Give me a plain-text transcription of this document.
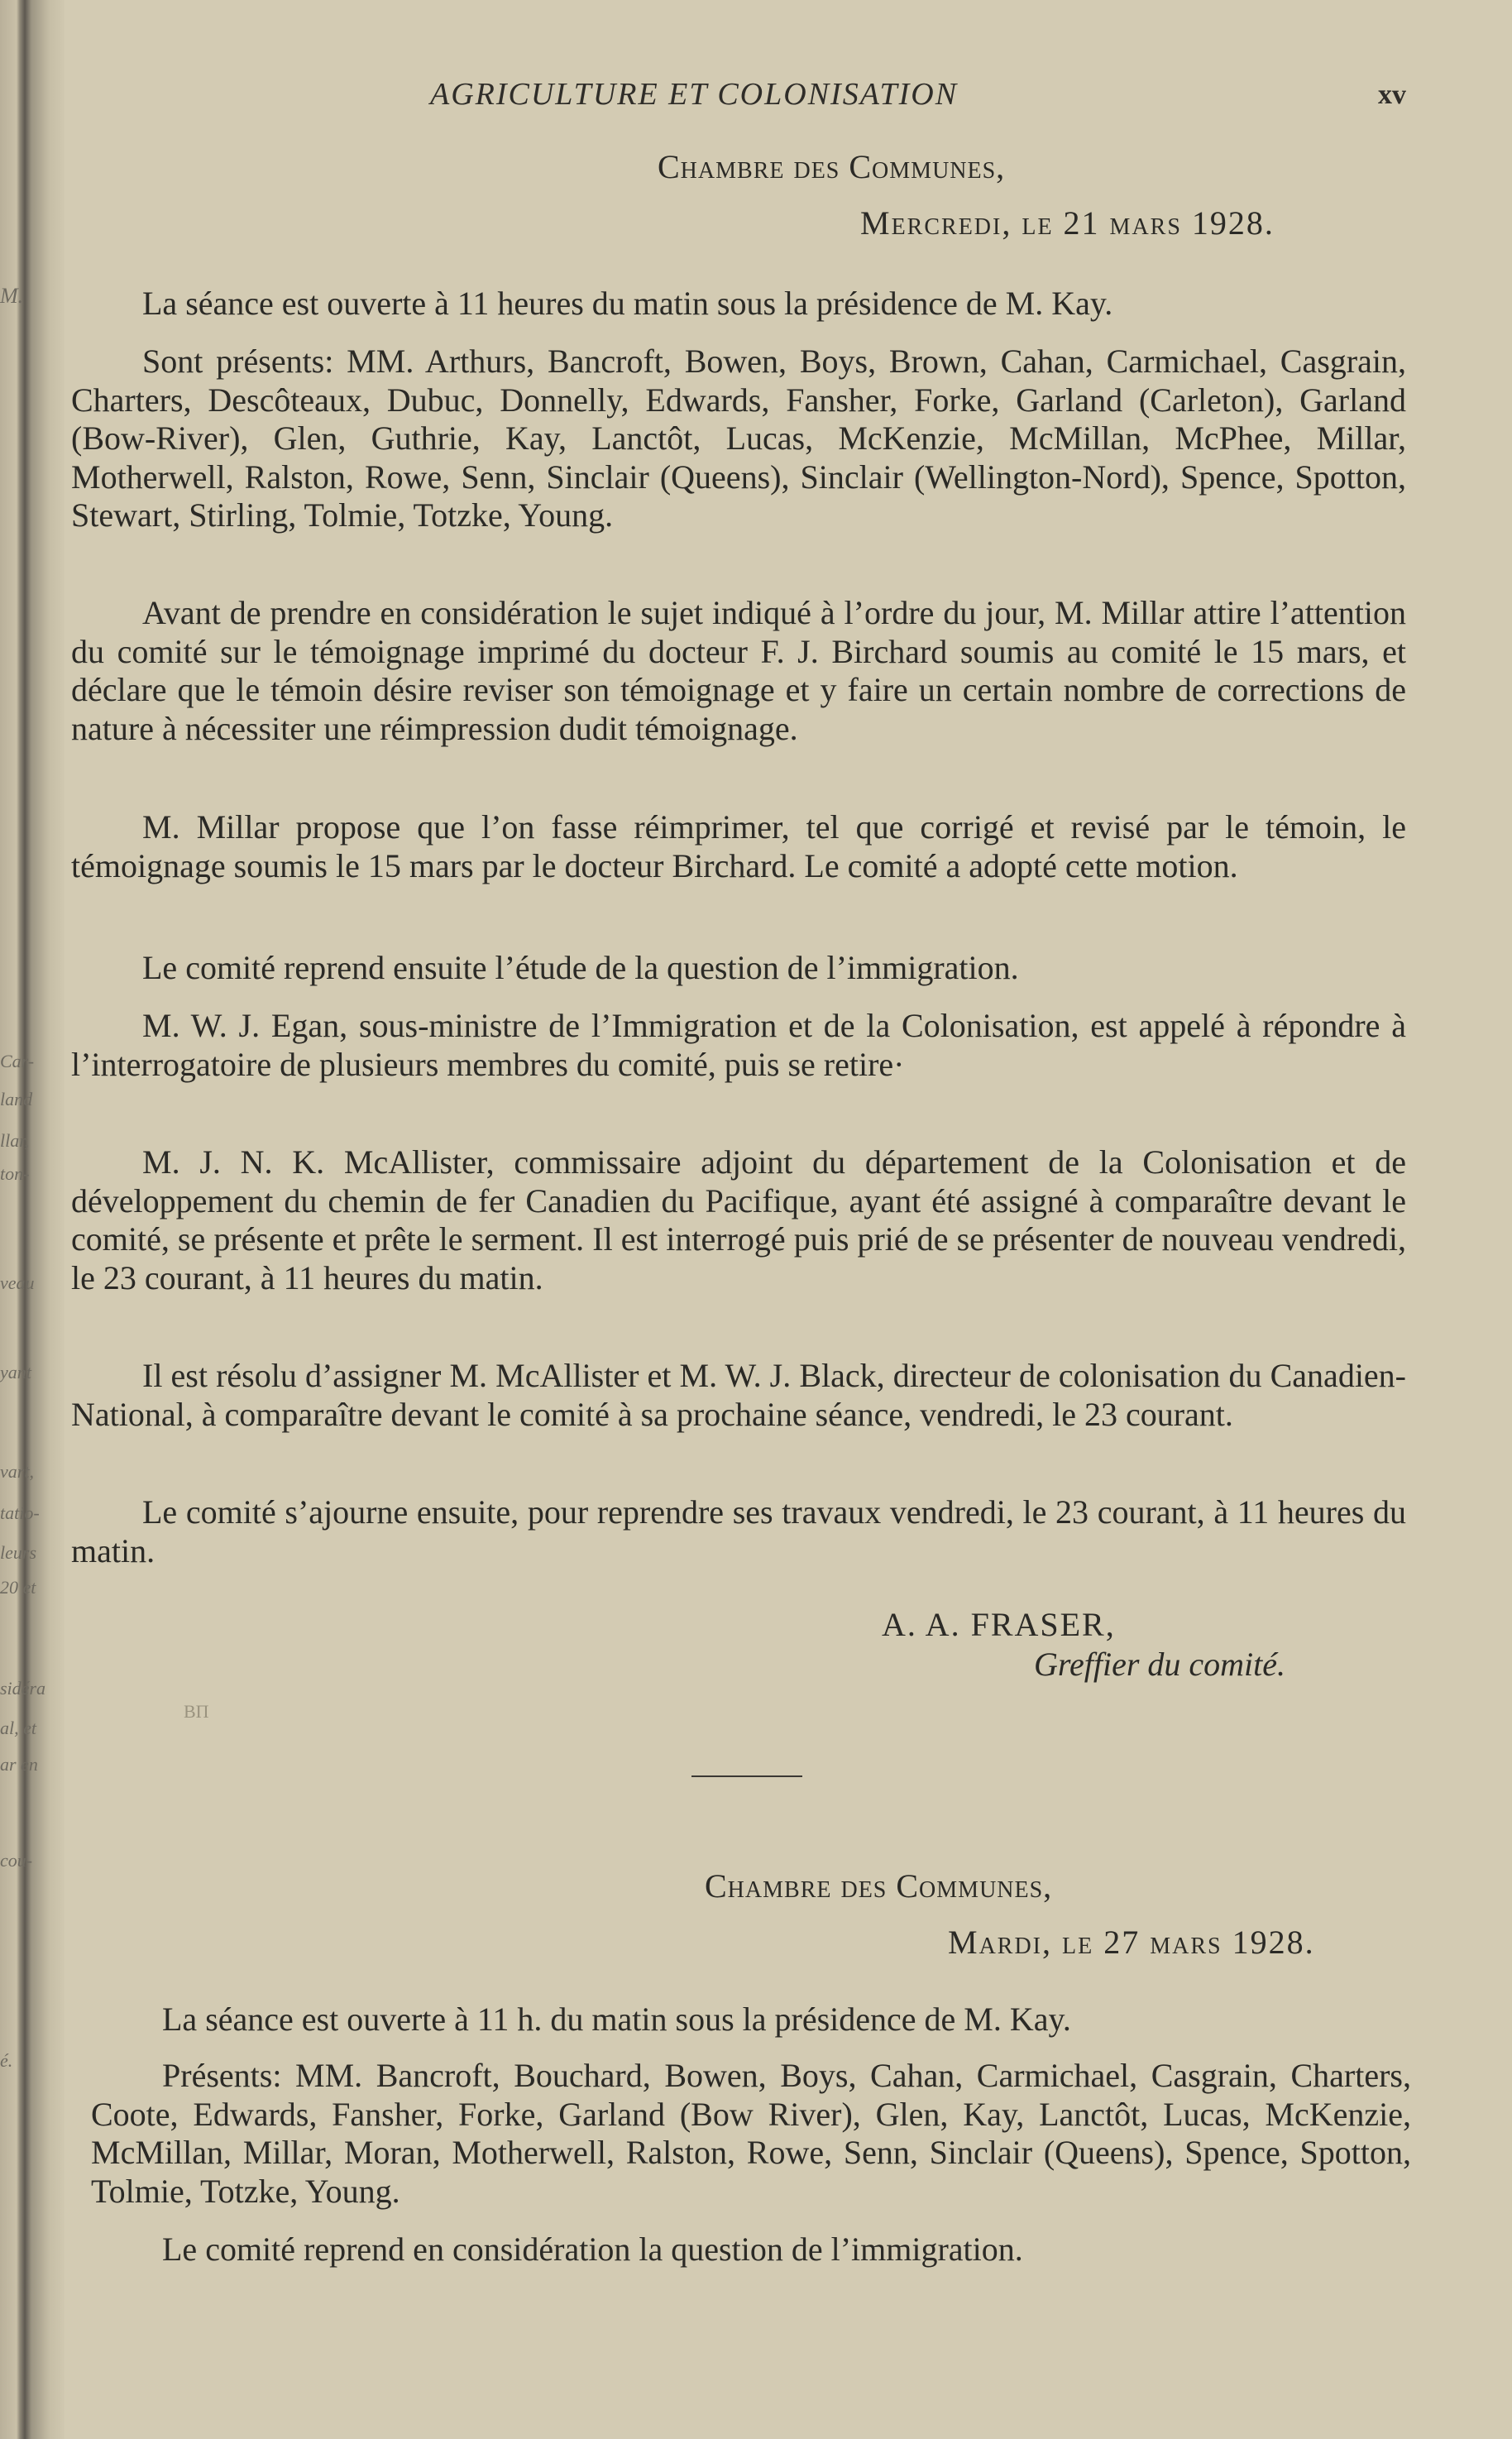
M.
Car-
land
llar,
ton-
veau
yant
vart,
tatio-
leurs
20 et
sidéra
al, et
ar en
cou-
é.
AGRICULTURE ET COLONISATION	xv
Chambre des Communes,
Mercredi, le 21 mars 1928.
La séance est ouverte à 11 heures du matin sous la présidence de M. Kay.
Sont présents: MM. Arthurs, Bancroft, Bowen, Boys, Brown, Cahan, Carmichael, Casgrain, Charters, Descôteaux, Dubuc, Donnelly, Edwards, Fansher, Forke, Garland (Carleton), Garland (Bow-River), Glen, Guthrie, Kay, Lanctôt, Lucas, McKenzie, McMillan, McPhee, Millar, Motherwell, Ralston, Rowe, Senn, Sinclair (Queens), Sinclair (Wellington-Nord), Spence, Spotton, Stewart, Stirling, Tolmie, Totzke, Young.
Avant de prendre en considération le sujet indiqué à l’ordre du jour, M. Millar attire l’attention du comité sur le témoignage imprimé du docteur F. J. Birchard soumis au comité le 15 mars, et déclare que le témoin désire reviser son témoignage et y faire un certain nombre de corrections de nature à nécessiter une réimpression dudit témoignage.
M. Millar propose que l’on fasse réimprimer, tel que corrigé et revisé par le témoin, le témoignage soumis le 15 mars par le docteur Birchard. Le comité a adopté cette motion.
Le comité reprend ensuite l’étude de la question de l’immigration.
M. W. J. Egan, sous-ministre de l’Immigration et de la Colonisation, est appelé à répondre à l’interrogatoire de plusieurs membres du comité, puis se retire·
M. J. N. K. McAllister, commissaire adjoint du département de la Colonisation et de développement du chemin de fer Canadien du Pacifique, ayant été assigné à comparaître devant le comité, se présente et prête le serment. Il est interrogé puis prié de se présenter de nouveau vendredi, le 23 courant, à 11 heures du matin.
Il est résolu d’assigner M. McAllister et M. W. J. Black, directeur de colonisation du Canadien-National, à comparaître devant le comité à sa prochaine séance, vendredi, le 23 courant.
Le comité s’ajourne ensuite, pour reprendre ses travaux vendredi, le 23 courant, à 11 heures du matin.
A. A. FRASER,
Greffier du comité.
ВП
Chambre des Communes,
Mardi, le 27 mars 1928.
La séance est ouverte à 11 h. du matin sous la présidence de M. Kay.
Présents: MM. Bancroft, Bouchard, Bowen, Boys, Cahan, Carmichael, Casgrain, Charters, Coote, Edwards, Fansher, Forke, Garland (Bow River), Glen, Kay, Lanctôt, Lucas, McKenzie, McMillan, Millar, Moran, Motherwell, Ralston, Rowe, Senn, Sinclair (Queens), Spence, Spotton, Tolmie, Totzke, Young.
Le comité reprend en considération la question de l’immigration.
